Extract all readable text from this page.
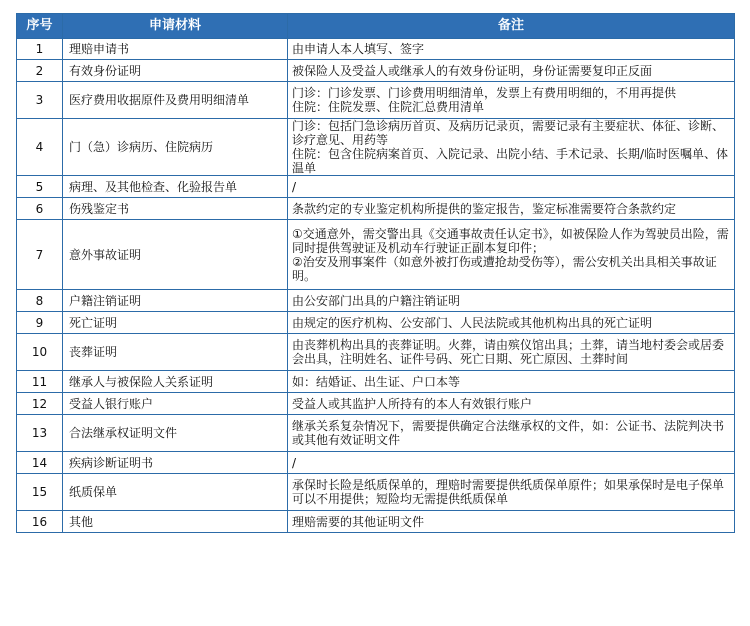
序号	申请材料	备注
1	理赔申请书	由申请人本人填写、签字
2	有效身份证明	被保险人及受益人或继承人的有效身份证明，身份证需要复印正反面
3	医疗费用收据原件及费用明细清单	门诊：门诊发票、门诊费用明细清单，发票上有费用明细的，不用再提供
住院：住院发票、住院汇总费用清单
4	门（急）诊病历、住院病历	门诊：包括门急诊病历首页、及病历记录页，需要记录有主要症状、体征、诊断、诊疗意见、用药等
住院：包含住院病案首页、入院记录、出院小结、手术记录、长期/临时医嘱单、体温单
5	病理、及其他检查、化验报告单	/
6	伤残鉴定书	条款约定的专业鉴定机构所提供的鉴定报告，鉴定标准需要符合条款约定
7	意外事故证明	①交通意外，需交警出具《交通事故责任认定书》，如被保险人作为驾驶员出险，需同时提供驾驶证及机动车行驶证正副本复印件；
②治安及刑事案件（如意外被打伤或遭抢劫受伤等），需公安机关出具相关事故证明。
8	户籍注销证明	由公安部门出具的户籍注销证明
9	死亡证明	由规定的医疗机构、公安部门、人民法院或其他机构出具的死亡证明
10	丧葬证明	由丧葬机构出具的丧葬证明。火葬，请由殡仪馆出具；土葬，请当地村委会或居委会出具，注明姓名、证件号码、死亡日期、死亡原因、土葬时间
11	继承人与被保险人关系证明	如：结婚证、出生证、户口本等
12	受益人银行账户	受益人或其监护人所持有的本人有效银行账户
13	合法继承权证明文件	继承关系复杂情况下，需要提供确定合法继承权的文件，如：公证书、法院判决书或其他有效证明文件
14	疾病诊断证明书	/
15	纸质保单	承保时长险是纸质保单的，理赔时需要提供纸质保单原件；如果承保时是电子保单可以不用提供；短险均无需提供纸质保单
16	其他	理赔需要的其他证明文件
